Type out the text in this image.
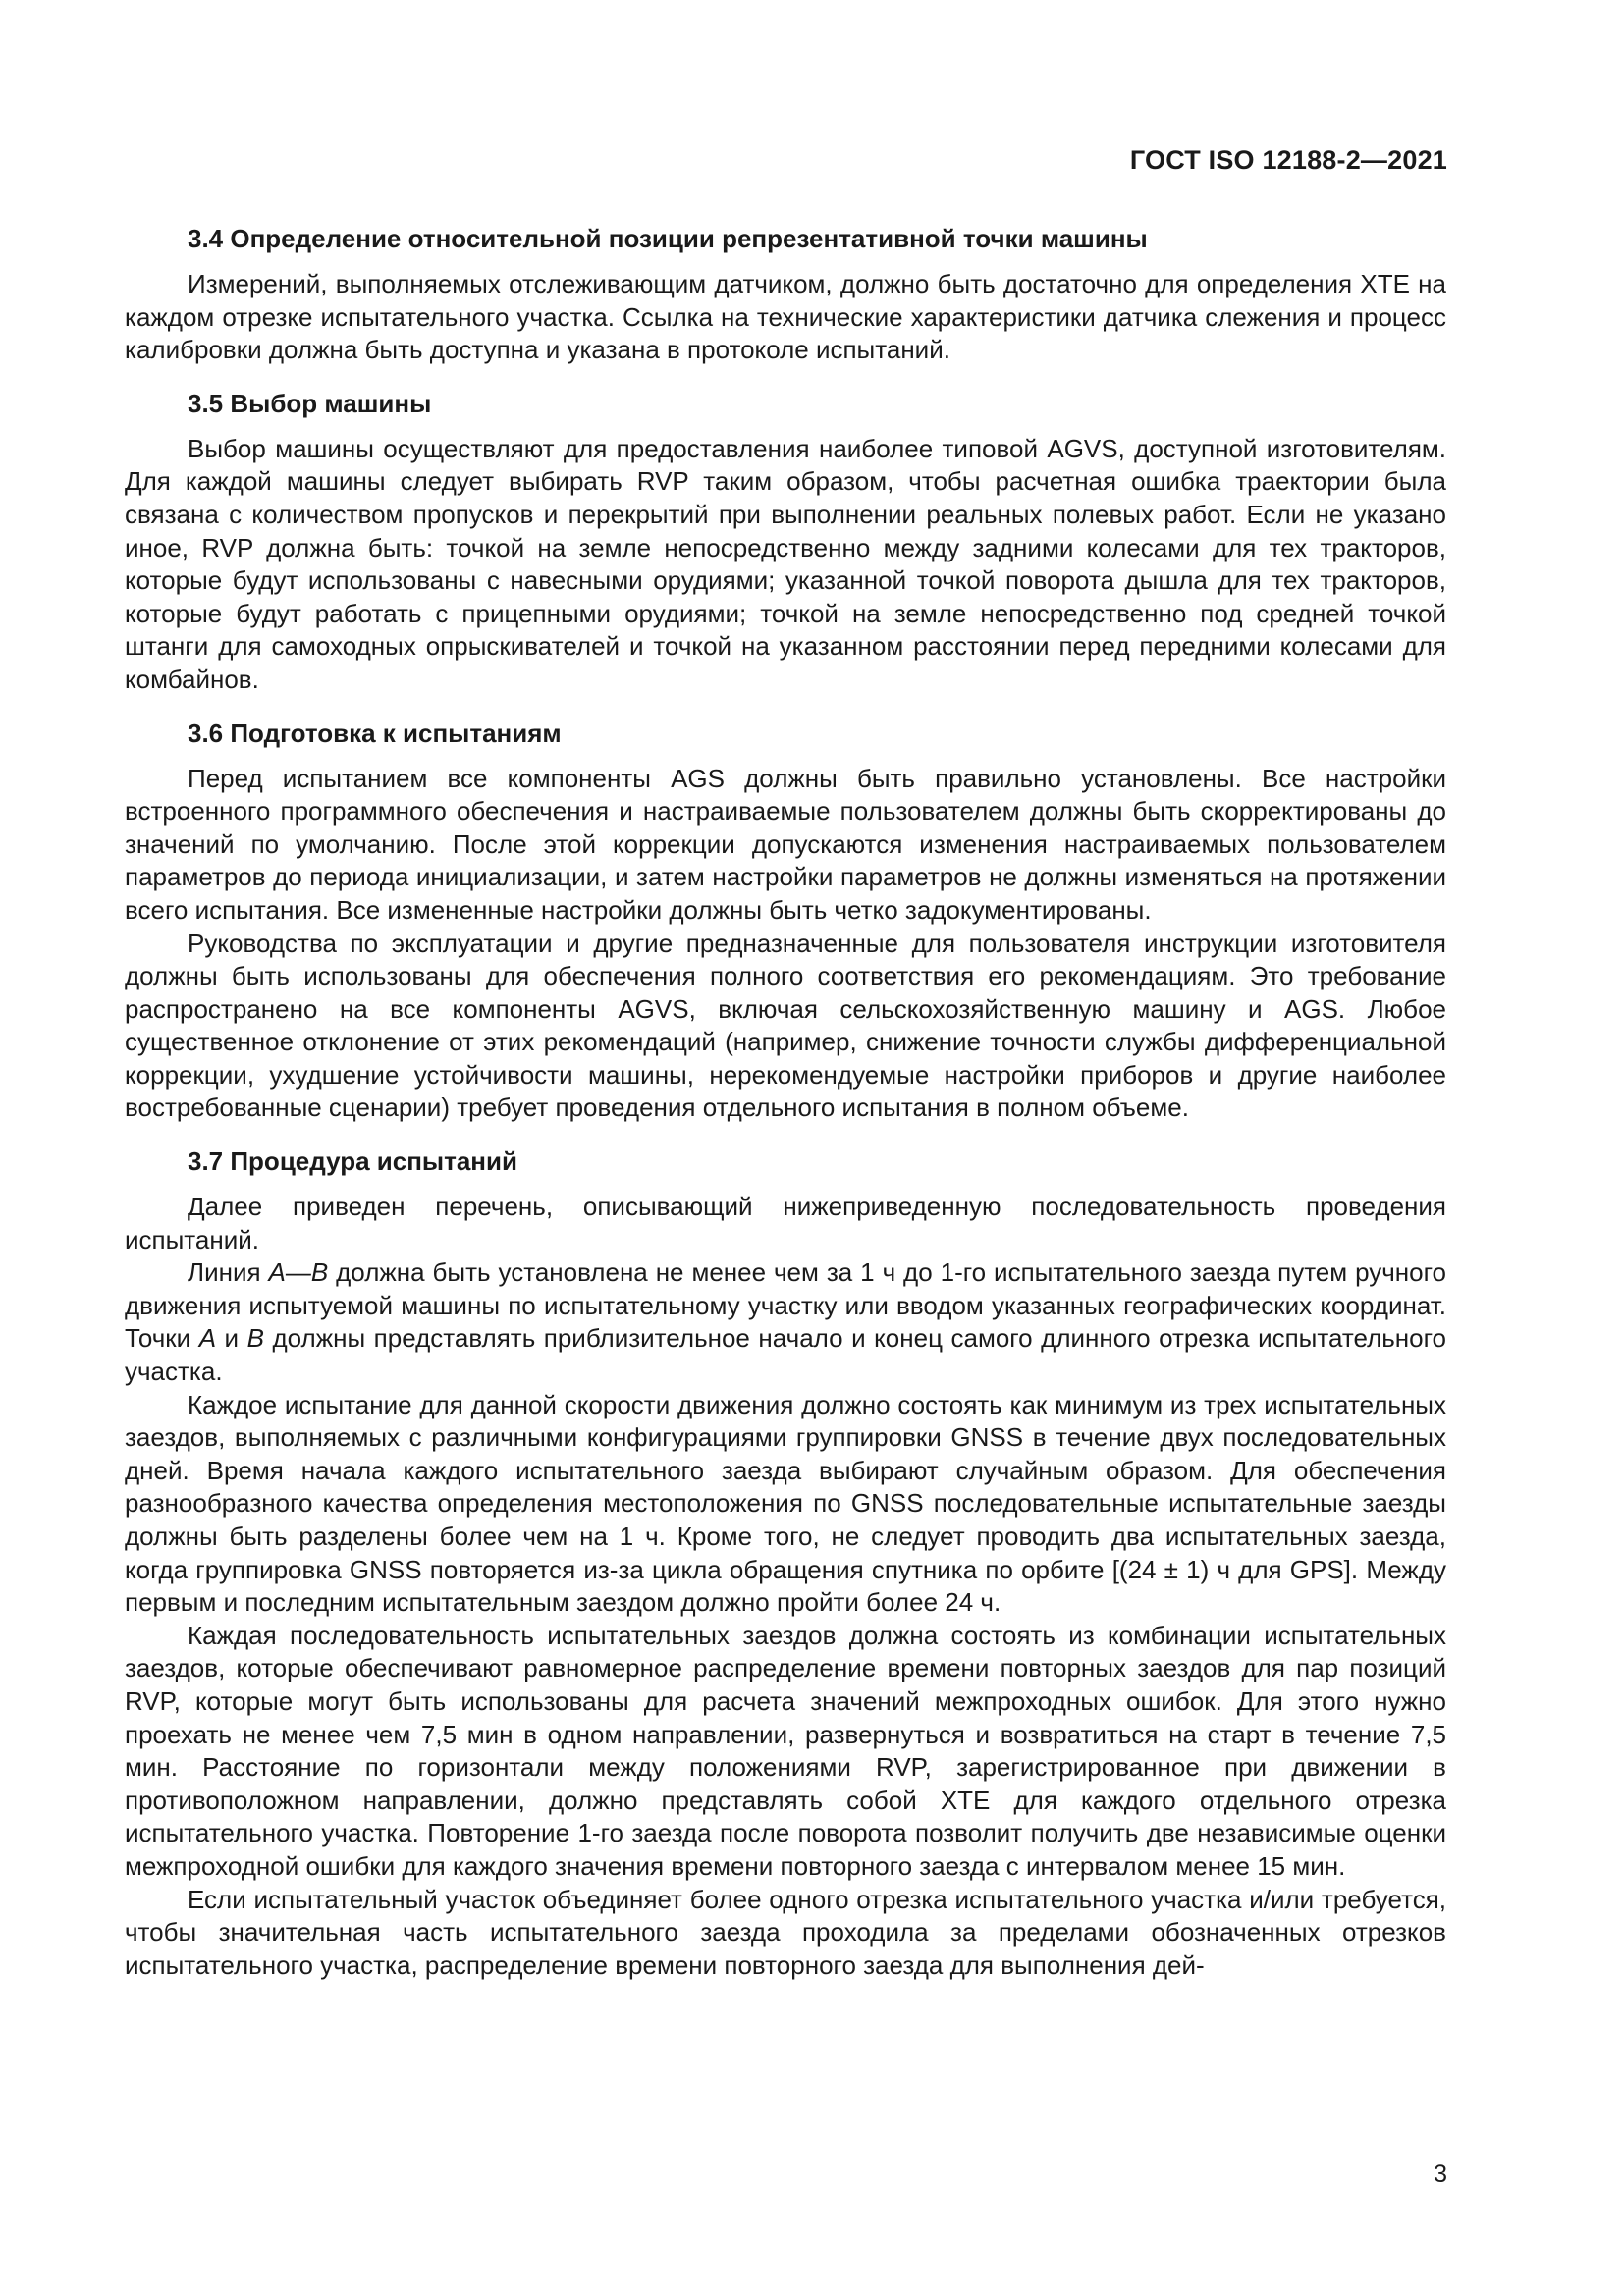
ГОСТ ISO 12188-2—2021
3.4 Определение относительной позиции репрезентативной точки машины

Измерений, выполняемых отслеживающим датчиком, должно быть достаточно для определения XTE на каждом отрезке испытательного участка. Ссылка на технические характеристики датчика слежения и процесс калибровки должна быть доступна и указана в протоколе испытаний.

3.5 Выбор машины

Выбор машины осуществляют для предоставления наиболее типовой AGVS, доступной изготовителям. Для каждой машины следует выбирать RVP таким образом, чтобы расчетная ошибка траектории была связана с количеством пропусков и перекрытий при выполнении реальных полевых работ. Если не указано иное, RVP должна быть: точкой на земле непосредственно между задними колесами для тех тракторов, которые будут использованы с навесными орудиями; указанной точкой поворота дышла для тех тракторов, которые будут работать с прицепными орудиями; точкой на земле непосредственно под средней точкой штанги для самоходных опрыскивателей и точкой на указанном расстоянии перед передними колесами для комбайнов.

3.6 Подготовка к испытаниям

Перед испытанием все компоненты AGS должны быть правильно установлены. Все настройки встроенного программного обеспечения и настраиваемые пользователем должны быть скорректированы до значений по умолчанию. После этой коррекции допускаются изменения настраиваемых пользователем параметров до периода инициализации, и затем настройки параметров не должны изменяться на протяжении всего испытания. Все измененные настройки должны быть четко задокументированы.

Руководства по эксплуатации и другие предназначенные для пользователя инструкции изготовителя должны быть использованы для обеспечения полного соответствия его рекомендациям. Это требование распространено на все компоненты AGVS, включая сельскохозяйственную машину и AGS. Любое существенное отклонение от этих рекомендаций (например, снижение точности службы дифференциальной коррекции, ухудшение устойчивости машины, нерекомендуемые настройки приборов и другие наиболее востребованные сценарии) требует проведения отдельного испытания в полном объеме.

3.7 Процедура испытаний

Далее приведен перечень, описывающий нижеприведенную последовательность проведения испытаний.

Линия А—В должна быть установлена не менее чем за 1 ч до 1-го испытательного заезда путем ручного движения испытуемой машины по испытательному участку или вводом указанных географических координат. Точки А и В должны представлять приблизительное начало и конец самого длинного отрезка испытательного участка.

Каждое испытание для данной скорости движения должно состоять как минимум из трех испытательных заездов, выполняемых с различными конфигурациями группировки GNSS в течение двух последовательных дней. Время начала каждого испытательного заезда выбирают случайным образом. Для обеспечения разнообразного качества определения местоположения по GNSS последовательные испытательные заезды должны быть разделены более чем на 1 ч. Кроме того, не следует проводить два испытательных заезда, когда группировка GNSS повторяется из-за цикла обращения спутника по орбите [(24 ± 1) ч для GPS]. Между первым и последним испытательным заездом должно пройти более 24 ч.

Каждая последовательность испытательных заездов должна состоять из комбинации испытательных заездов, которые обеспечивают равномерное распределение времени повторных заездов для пар позиций RVP, которые могут быть использованы для расчета значений межпроходных ошибок. Для этого нужно проехать не менее чем 7,5 мин в одном направлении, развернуться и возвратиться на старт в течение 7,5 мин. Расстояние по горизонтали между положениями RVP, зарегистрированное при движении в противоположном направлении, должно представлять собой XTE для каждого отдельного отрезка испытательного участка. Повторение 1-го заезда после поворота позволит получить две независимые оценки межпроходной ошибки для каждого значения времени повторного заезда с интервалом менее 15 мин.

Если испытательный участок объединяет более одного отрезка испытательного участка и/или требуется, чтобы значительная часть испытательного заезда проходила за пределами обозначенных отрезков испытательного участка, распределение времени повторного заезда для выполнения дей-

3
